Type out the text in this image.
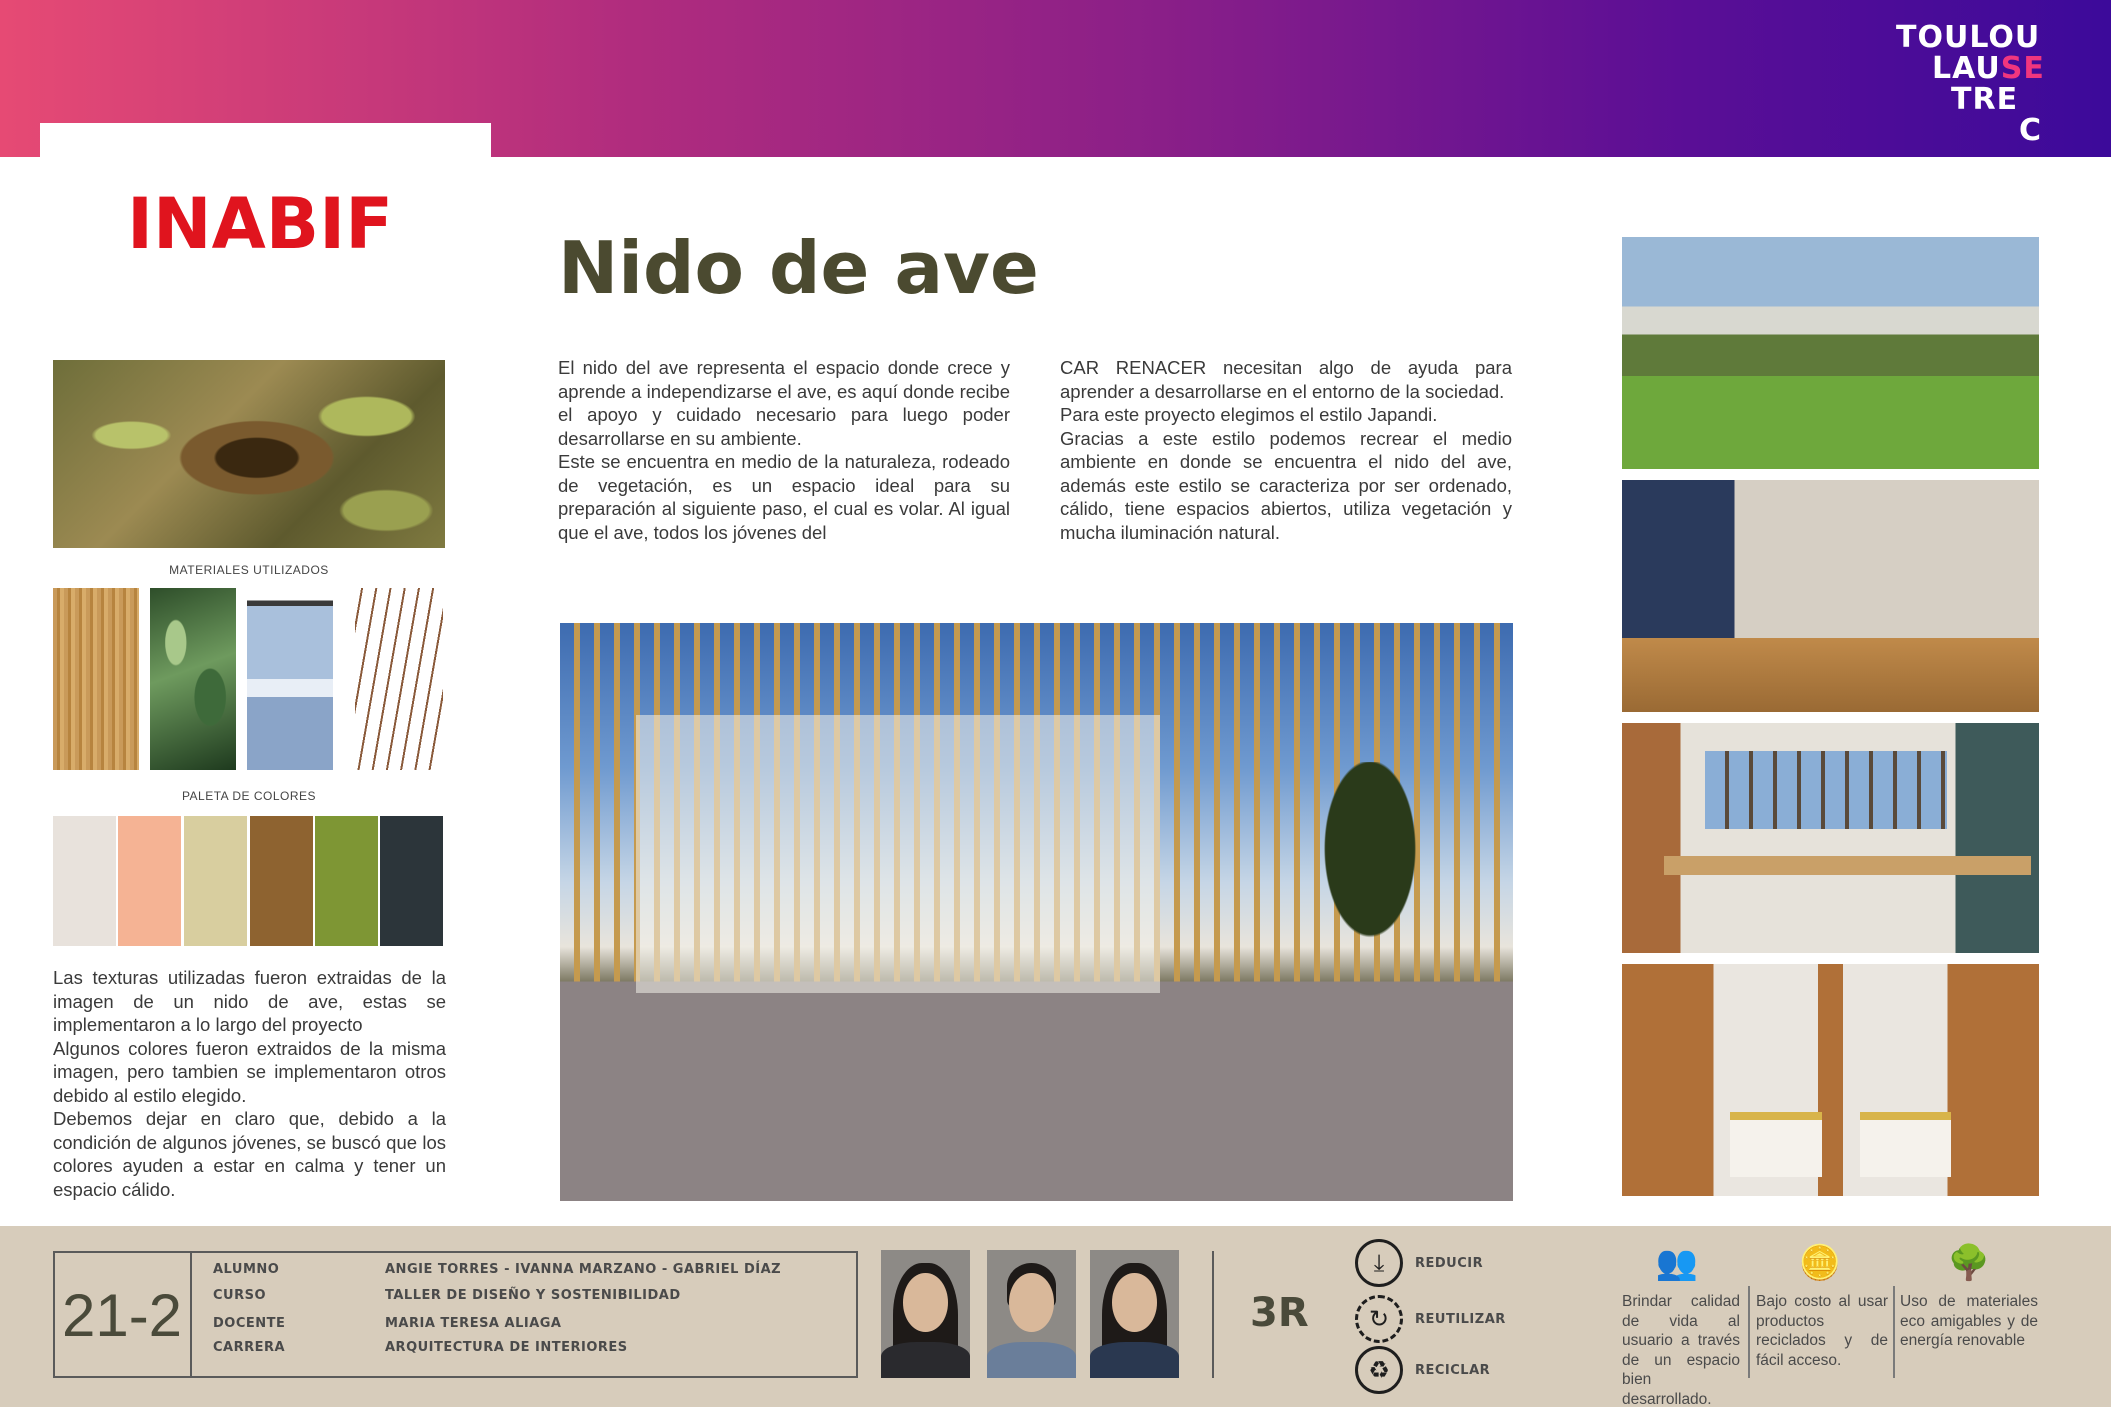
TOULOU
LAUSE
TRE
C
INABIF
MATERIALES UTILIZADOS
PALETA DE COLORES

Las texturas utilizadas fueron extraidas de la imagen de un nido de ave, estas se implementaron a lo largo del proyecto

Algunos colores fueron extraidos de la misma imagen, pero tambien se implementaron otros debido al estilo elegido.

Debemos dejar en claro que, debido a la condición de algunos jóvenes, se buscó que los colores ayuden a estar en calma y tener un espacio cálido.

Nido de ave

El nido del ave representa el espacio donde crece y aprende a independizarse el ave, es aquí donde recibe el apoyo y cuidado necesario para luego poder desarrollarse en su ambiente.

Este se encuentra en medio de la naturaleza, rodeado de vegetación, es un espacio ideal para su preparación al siguiente paso, el cual es volar. Al igual que el ave, todos los jóvenes del

CAR RENACER necesitan algo de ayuda para aprender a desarrollarse en el entorno de la sociedad.

Para este proyecto elegimos el estilo Japandi.

Gracias a este estilo podemos recrear el medio ambiente en donde se encuentra el nido del ave, además este estilo se caracteriza por ser ordenado, cálido, tiene espacios abiertos, utiliza vegetación y mucha iluminación natural.

21-2
ALUMNO	ANGIE TORRES - IVANNA MARZANO - GABRIEL DÍAZ
CURSO	TALLER DE DISEÑO Y SOSTENIBILIDAD
DOCENTE	MARIA TERESA ALIAGA
CARRERA	ARQUITECTURA DE INTERIORES
3R
⤓	REDUCIR
↻	REUTILIZAR
♻	RECICLAR
👥
Brindar calidad de vida al usuario a través de un espacio bien desarrollado.
🪙
Bajo costo al usar productos reciclados y de fácil acceso.
🌳
Uso de materiales eco amigables y de energía renovable
